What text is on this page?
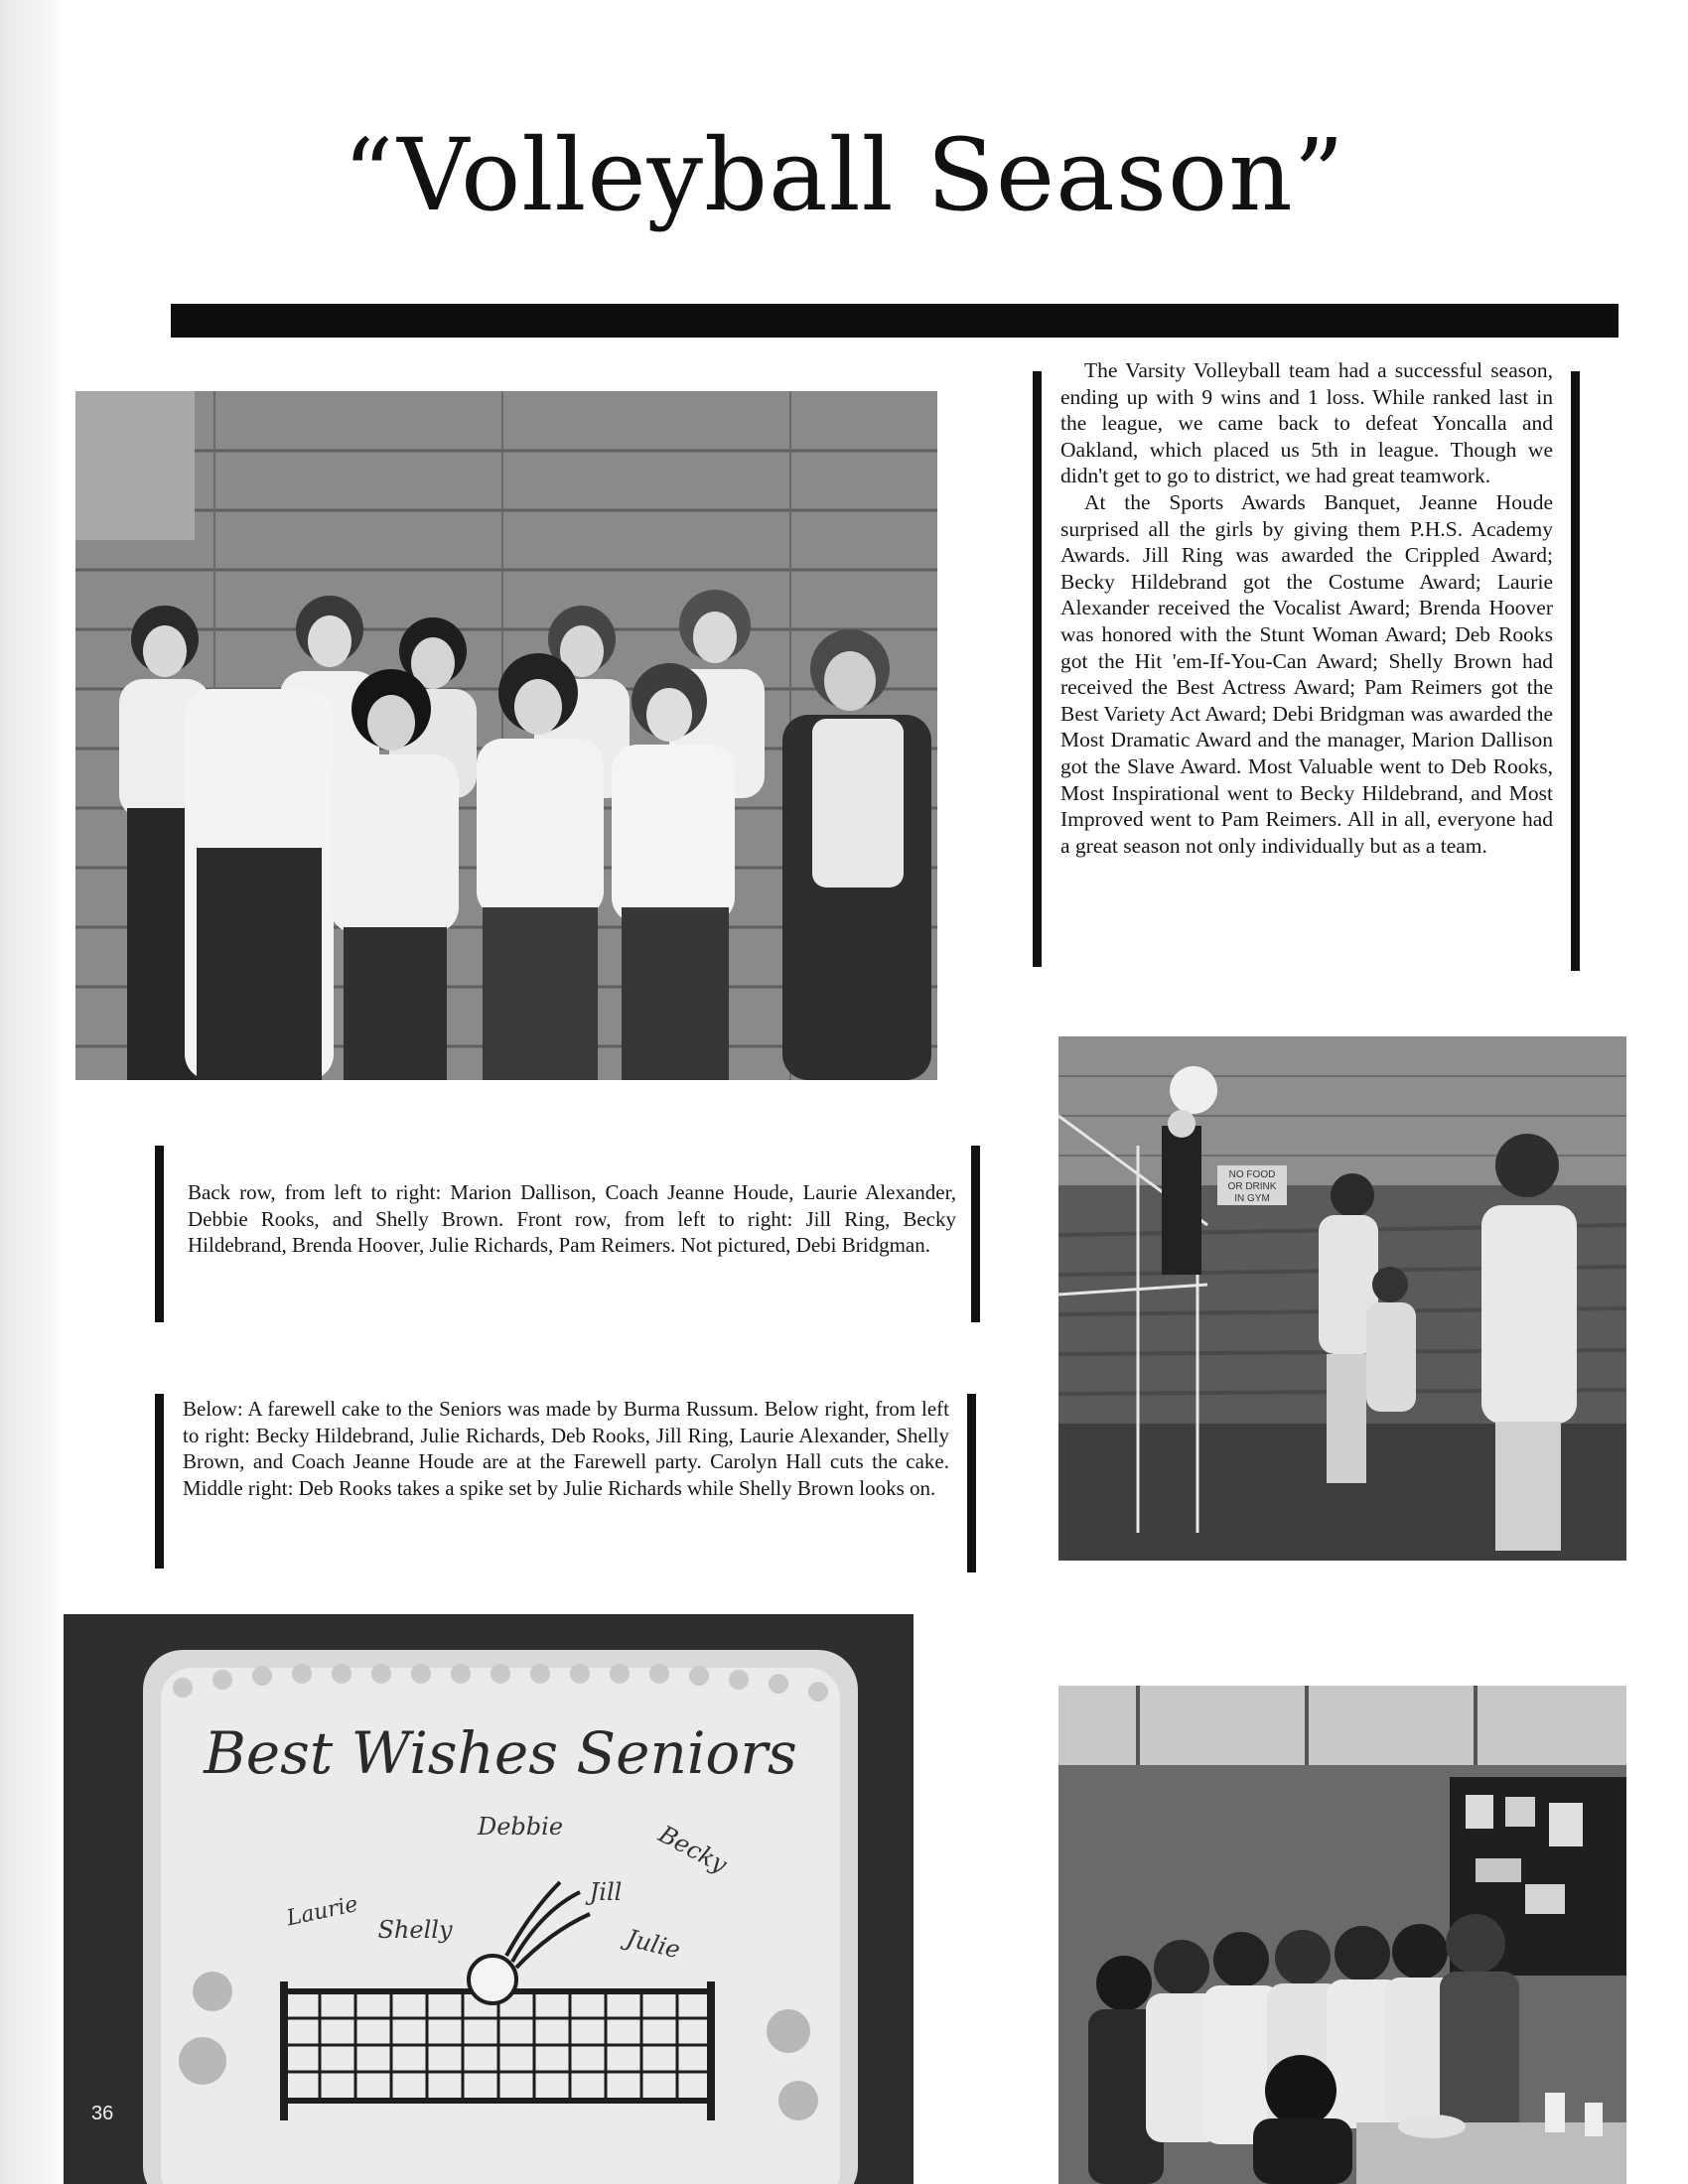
“Volleyball Season”

The Varsity Volleyball team had a successful season, ending up with 9 wins and 1 loss. While ranked last in the league, we came back to defeat Yoncalla and Oakland, which placed us 5th in league. Though we didn't get to go to district, we had great teamwork.

At the Sports Awards Banquet, Jeanne Houde surprised all the girls by giving them P.H.S. Academy Awards. Jill Ring was awarded the Crippled Award; Becky Hildebrand got the Costume Award; Laurie Alexander received the Vocalist Award; Brenda Hoover was honored with the Stunt Woman Award; Deb Rooks got the Hit 'em-If-You-Can Award; Shelly Brown had received the Best Actress Award; Pam Reimers got the Best Variety Act Award; Debi Bridgman was awarded the Most Dramatic Award and the manager, Marion Dallison got the Slave Award. Most Valuable went to Deb Rooks, Most Inspirational went to Becky Hildebrand, and Most Improved went to Pam Reimers. All in all, everyone had a great season not only individually but as a team.

Back row, from left to right: Marion Dallison, Coach Jeanne Houde, Laurie Alexander, Debbie Rooks, and Shelly Brown. Front row, from left to right: Jill Ring, Becky Hildebrand, Brenda Hoover, Julie Richards, Pam Reimers. Not pictured, Debi Bridgman.
Below: A farewell cake to the Seniors was made by Burma Russum. Below right, from left to right: Becky Hildebrand, Julie Richards, Deb Rooks, Jill Ring, Laurie Alexander, Shelly Brown, and Coach Jeanne Houde are at the Farewell party. Carolyn Hall cuts the cake. Middle right: Deb Rooks takes a spike set by Julie Richards while Shelly Brown looks on.
NO FOOD
OR DRINK
IN GYM
Best Wishes Seniors
Debbie	Becky
Laurie	Jill
Shelly	Julie
36
